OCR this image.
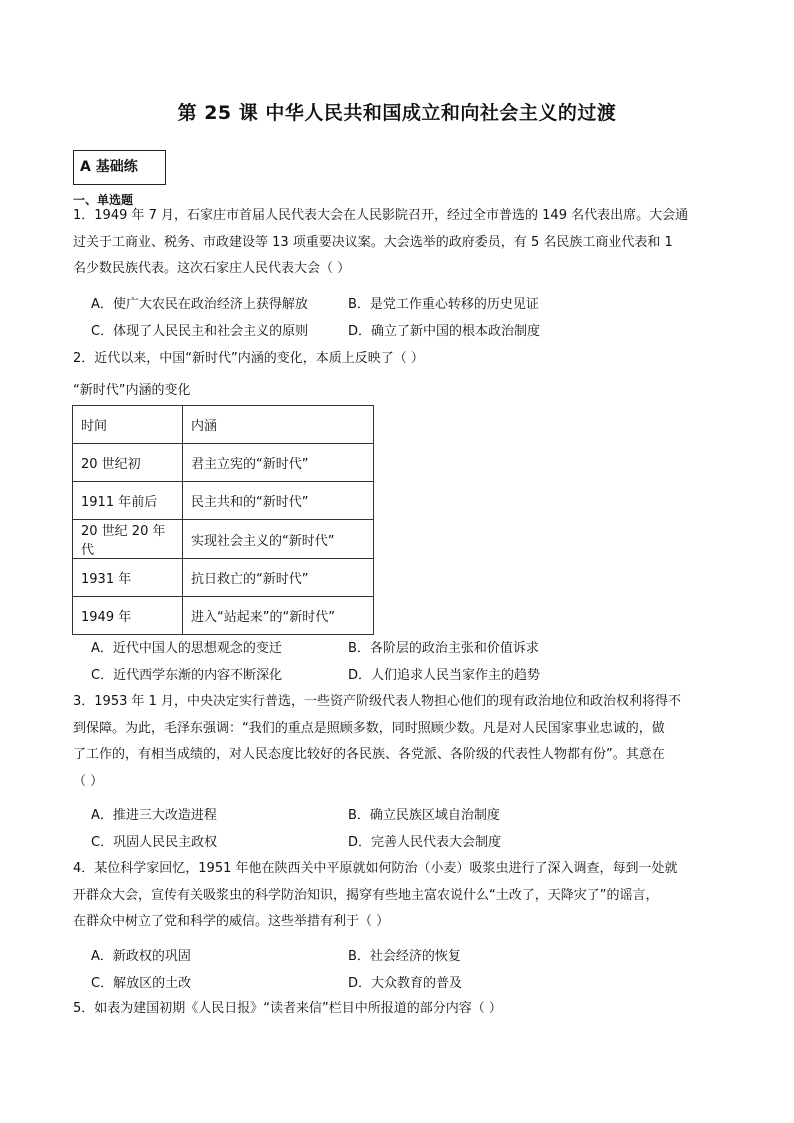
第 25 课 中华人民共和国成立和向社会主义的过渡
A 基础练
一、单选题
1．1949 年 7 月，石家庄市首届人民代表大会在人民影院召开，经过全市普选的 149 名代表出席。大会通
过关于工商业、税务、市政建设等 13 项重要决议案。大会选举的政府委员，有 5 名民族工商业代表和 1
名少数民族代表。这次石家庄人民代表大会（ ）
A．使广大农民在政治经济上获得解放	B．是党工作重心转移的历史见证
C．体现了人民民主和社会主义的原则	D．确立了新中国的根本政治制度
2．近代以来，中国“新时代”内涵的变化，本质上反映了（ ）
“新时代”内涵的变化
时间	内涵
20 世纪初	君主立宪的“新时代”
1911 年前后	民主共和的“新时代”
20 世纪 20 年代	实现社会主义的“新时代”
1931 年	抗日救亡的“新时代”
1949 年	进入“站起来”的“新时代”
A．近代中国人的思想观念的变迁	B．各阶层的政治主张和价值诉求
C．近代西学东渐的内容不断深化	D．人们追求人民当家作主的趋势
3．1953 年 1 月，中央决定实行普选，一些资产阶级代表人物担心他们的现有政治地位和政治权利将得不
到保障。为此，毛泽东强调：“我们的重点是照顾多数，同时照顾少数。凡是对人民国家事业忠诚的，做
了工作的，有相当成绩的，对人民态度比较好的各民族、各党派、各阶级的代表性人物都有份”。其意在
（ ）
A．推进三大改造进程	B．确立民族区域自治制度
C．巩固人民民主政权	D．完善人民代表大会制度
4．某位科学家回忆，1951 年他在陕西关中平原就如何防治（小麦）吸浆虫进行了深入调查，每到一处就
开群众大会，宣传有关吸浆虫的科学防治知识，揭穿有些地主富农说什么“土改了，天降灾了”的谣言，
在群众中树立了党和科学的威信。这些举措有利于（ ）
A．新政权的巩固	B．社会经济的恢复
C．解放区的土改	D．大众教育的普及
5．如表为建国初期《人民日报》“读者来信”栏目中所报道的部分内容（ ）
